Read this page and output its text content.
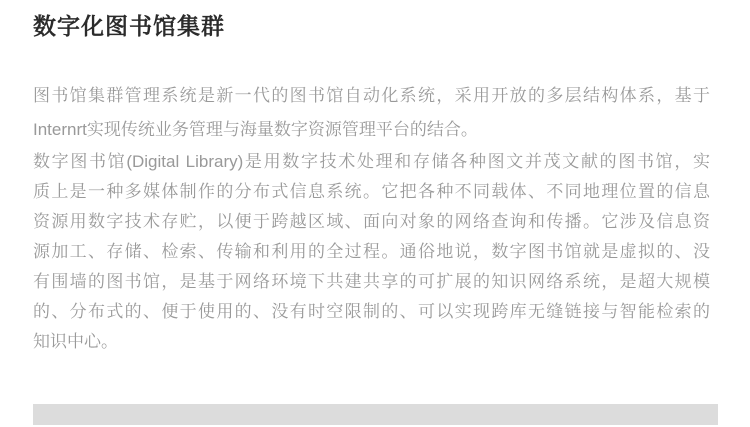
数字化图书馆集群

图书馆集群管理系统是新一代的图书馆自动化系统，采用开放的多层结构体系，基于
Internrt实现传统业务管理与海量数字资源管理平台的结合。

数字图书馆(Digital Library)是用数字技术处理和存储各种图文并茂文献的图书馆，实
质上是一种多媒体制作的分布式信息系统。它把各种不同载体、不同地理位置的信息
资源用数字技术存贮，以便于跨越区域、面向对象的网络查询和传播。它涉及信息资
源加工、存储、检索、传输和利用的全过程。通俗地说，数字图书馆就是虚拟的、没
有围墙的图书馆，是基于网络环境下共建共享的可扩展的知识网络系统，是超大规模
的、分布式的、便于使用的、没有时空限制的、可以实现跨库无缝链接与智能检索的
知识中心。
